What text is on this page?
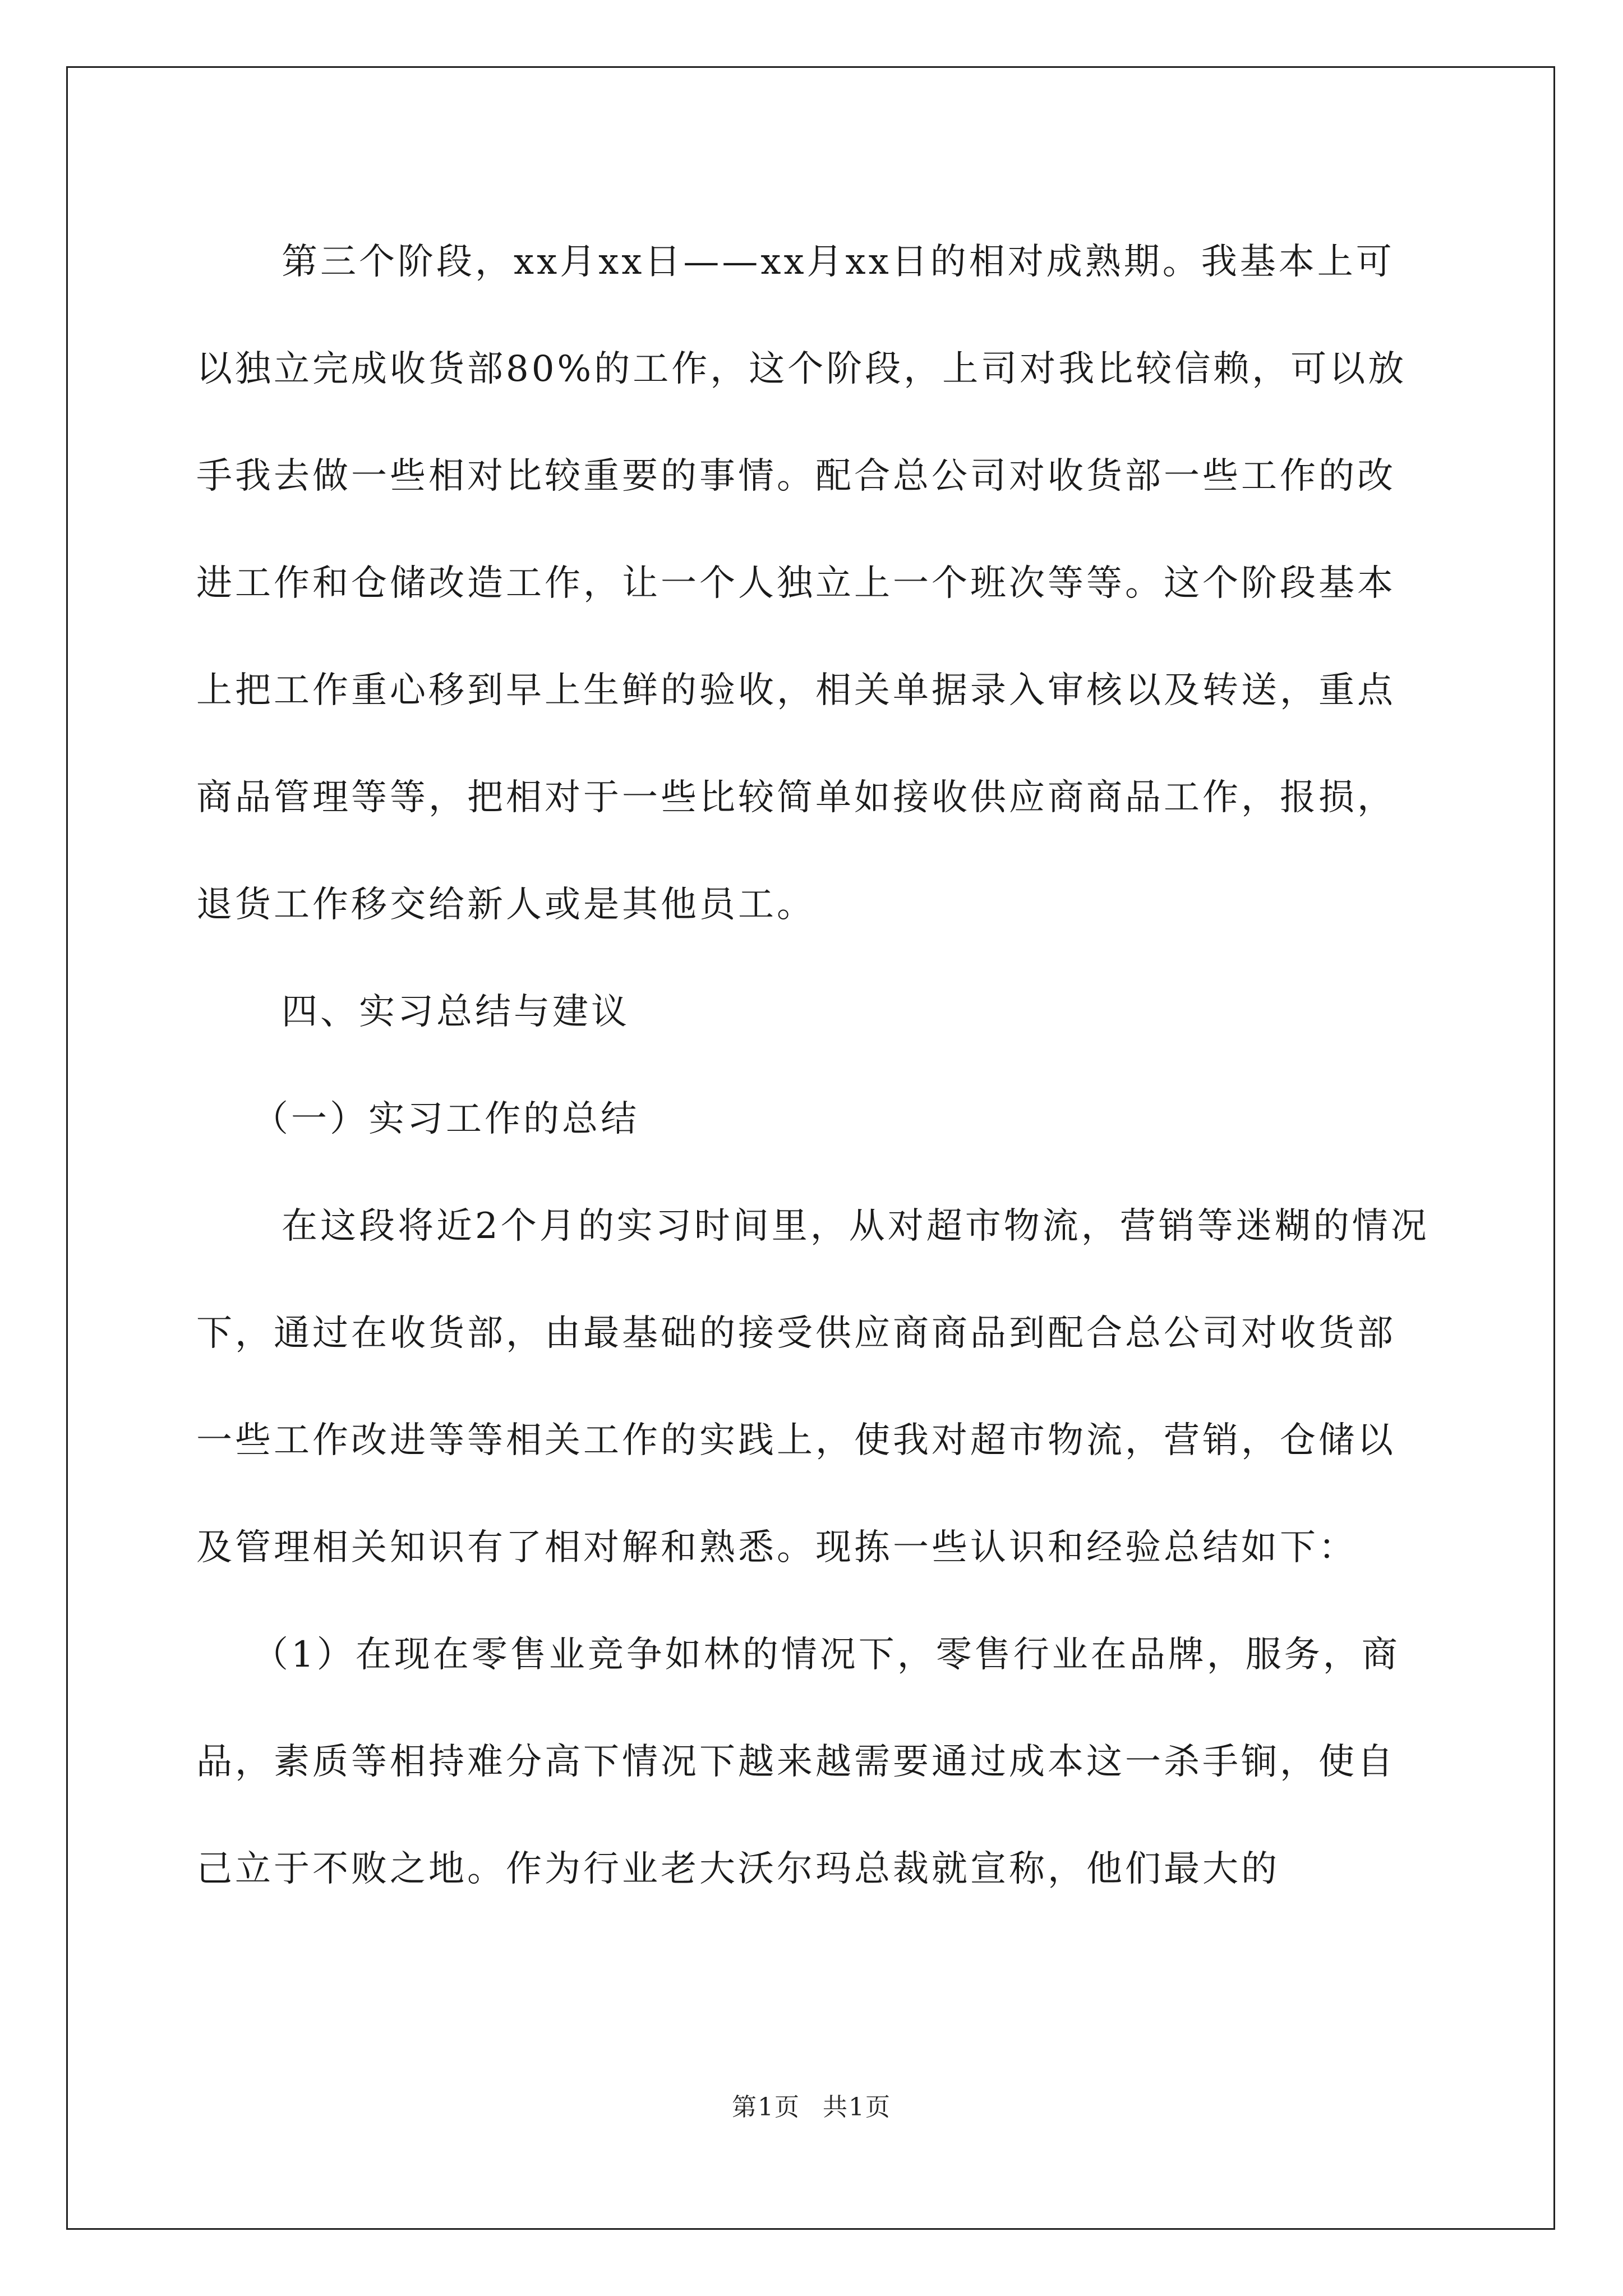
第三个阶段，xx月xx日——xx月xx日的相对成熟期。我基本上可以独立完成收货部80%的工作，这个阶段，上司对我比较信赖，可以放手我去做一些相对比较重要的事情。配合总公司对收货部一些工作的改进工作和仓储改造工作，让一个人独立上一个班次等等。这个阶段基本上把工作重心移到早上生鲜的验收，相关单据录入审核以及转送，重点商品管理等等，把相对于一些比较简单如接收供应商商品工作，报损，退货工作移交给新人或是其他员工。

四、实习总结与建议

（一）实习工作的总结

在这段将近2个月的实习时间里，从对超市物流，营销等迷糊的情况下，通过在收货部，由最基础的接受供应商商品到配合总公司对收货部一些工作改进等等相关工作的实践上，使我对超市物流，营销，仓储以及管理相关知识有了相对解和熟悉。现拣一些认识和经验总结如下：

（1）在现在零售业竞争如林的情况下，零售行业在品牌，服务，商品，素质等相持难分高下情况下越来越需要通过成本这一杀手锏，使自己立于不败之地。作为行业老大沃尔玛总裁就宣称，他们最大的

第1页 共1页
